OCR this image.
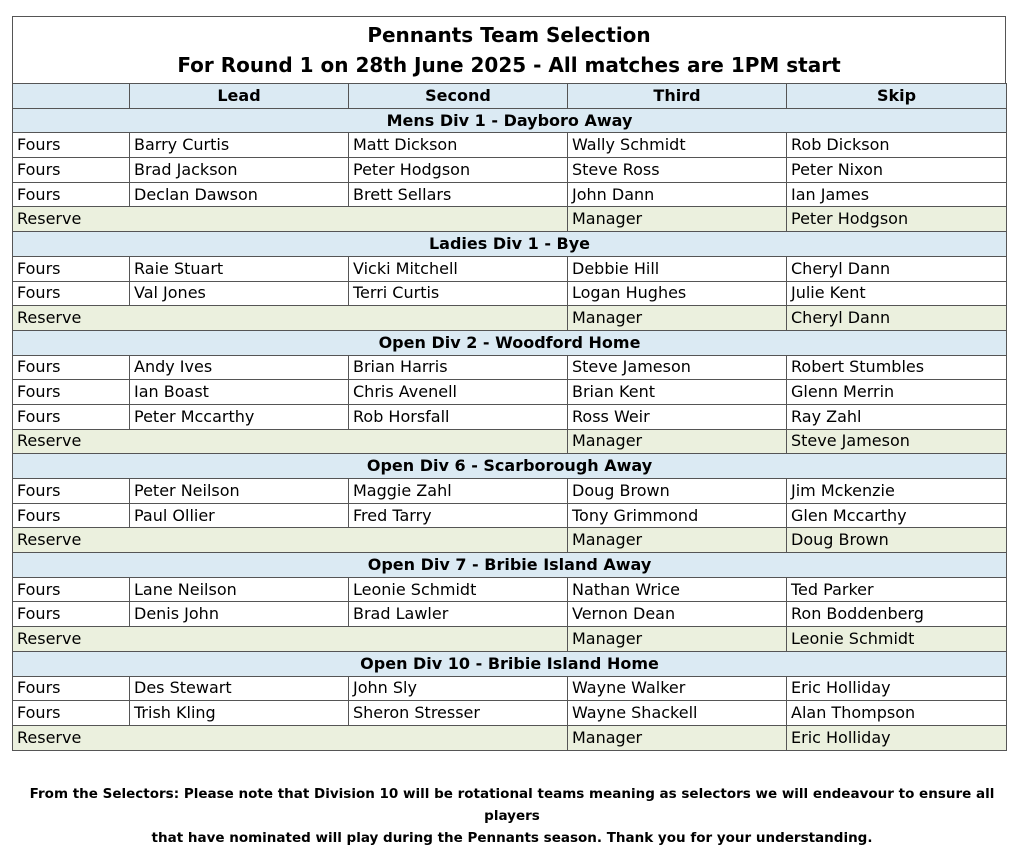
Pennants Team Selection
For Round 1 on 28th June 2025 - All matches are 1PM start
	Lead	Second	Third	Skip
Mens Div 1 - Dayboro Away				
Fours	Barry Curtis	Matt Dickson	Wally Schmidt	Rob Dickson
Fours	Brad Jackson	Peter Hodgson	Steve Ross	Peter Nixon
Fours	Declan Dawson	Brett Sellars	John Dann	Ian James
Reserve			Manager	Peter Hodgson
Ladies Div 1 - Bye				
Fours	Raie Stuart	Vicki Mitchell	Debbie Hill	Cheryl Dann
Fours	Val Jones	Terri Curtis	Logan Hughes	Julie Kent
Reserve			Manager	Cheryl Dann
Open Div 2 - Woodford Home				
Fours	Andy Ives	Brian Harris	Steve Jameson	Robert Stumbles
Fours	Ian Boast	Chris Avenell	Brian Kent	Glenn Merrin
Fours	Peter Mccarthy	Rob Horsfall	Ross Weir	Ray Zahl
Reserve			Manager	Steve Jameson
Open Div 6 - Scarborough Away				
Fours	Peter Neilson	Maggie Zahl	Doug Brown	Jim Mckenzie
Fours	Paul Ollier	Fred Tarry	Tony Grimmond	Glen Mccarthy
Reserve			Manager	Doug Brown
Open Div 7 - Bribie Island Away				
Fours	Lane Neilson	Leonie Schmidt	Nathan Wrice	Ted Parker
Fours	Denis John	Brad Lawler	Vernon Dean	Ron Boddenberg
Reserve			Manager	Leonie Schmidt
Open Div 10 - Bribie Island Home				
Fours	Des Stewart	John Sly	Wayne Walker	Eric Holliday
Fours	Trish Kling	Sheron Stresser	Wayne Shackell	Alan Thompson
Reserve			Manager	Eric Holliday
From the Selectors: Please note that Division 10 will be rotational teams meaning as selectors we will endeavour to ensure all players
that have nominated will play during the Pennants season. Thank you for your understanding.
